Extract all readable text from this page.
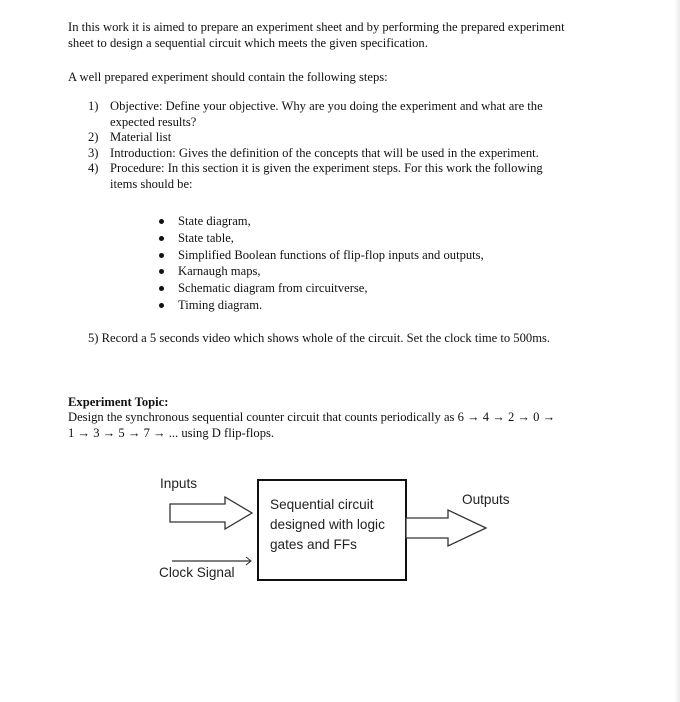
In this work it is aimed to prepare an experiment sheet and by performing the prepared experiment
sheet to design a sequential circuit which meets the given specification.
A well prepared experiment should contain the following steps:
1) Objective: Define your objective. Why are you doing the experiment and what are the
expected results?
2) Material list
3) Introduction: Gives the definition of the concepts that will be used in the experiment.
4) Procedure: In this section it is given the experiment steps. For this work the following
items should be:
State diagram,
State table,
Simplified Boolean functions of flip-flop inputs and outputs,
Karnaugh maps,
Schematic diagram from circuitverse,
Timing diagram.
5) Record a 5 seconds video which shows whole of the circuit. Set the clock time to 500ms.
Experiment Topic:
Design the synchronous sequential counter circuit that counts periodically as 6 → 4 → 2 → 0 →
1 → 3 → 5 → 7 → ... using D flip-flops.
Inputs
Outputs
Clock Signal
Sequential circuit
designed with logic
gates and FFs
